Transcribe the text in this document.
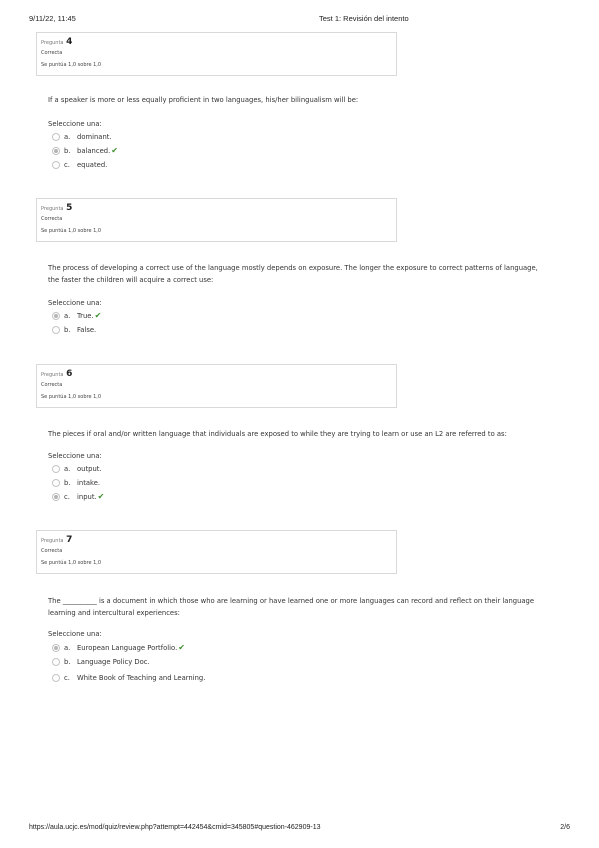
9/11/22, 11:45	Test 1: Revisión del intento
Pregunta 4
Correcta
Se puntúa 1,0 sobre 1,0
If a speaker is more or less equally proficient in two languages, his/her bilingualism will be:
Seleccione una:
a. dominant.
b. balanced.✔
c. equated.
Pregunta 5
Correcta
Se puntúa 1,0 sobre 1,0
The process of developing a correct use of the language mostly depends on exposure. The longer the exposure to correct patterns of language, the faster the children will acquire a correct use:
Seleccione una:
a. True.✔
b. False.
Pregunta 6
Correcta
Se puntúa 1,0 sobre 1,0
The pieces if oral and/or written language that individuals are exposed to while they are trying to learn or use an L2 are referred to as:
Seleccione una:
a. output.
b. intake.
c. input.✔
Pregunta 7
Correcta
Se puntúa 1,0 sobre 1,0
The __________ is a document in which those who are learning or have learned one or more languages can record and reflect on their language learning and intercultural experiences:
Seleccione una:
a. European Language Portfolio.✔
b. Language Policy Doc.
c. White Book of Teaching and Learning.
https://aula.ucjc.es/mod/quiz/review.php?attempt=442454&cmid=345805#question-462909-13	2/6
